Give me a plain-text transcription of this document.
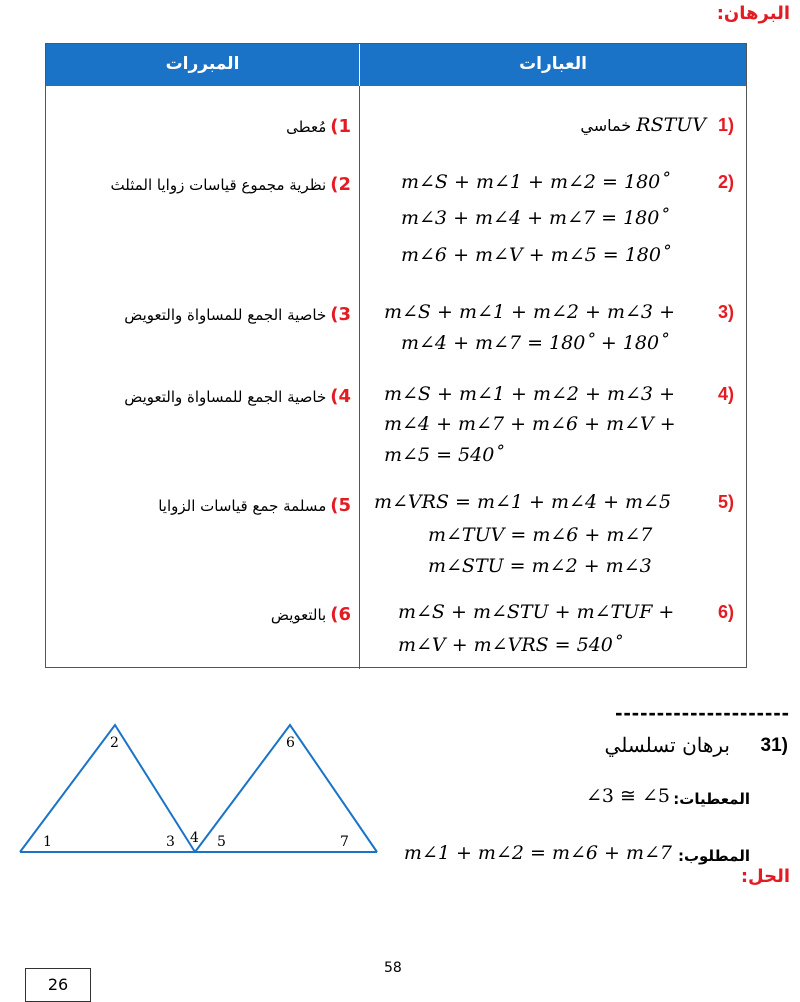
البرهان:
المبررات	العبارات
1)
RSTUV خماسي
1)مُعطى
2)
m∠S + m∠1 + m∠2 = 180˚
m∠3 + m∠4 + m∠7 = 180˚
m∠6 + m∠V + m∠5 = 180˚
2)نظرية مجموع قياسات زوايا المثلث
3)
m∠S + m∠1 + m∠2 + m∠3 +
m∠4 + m∠7 = 180˚ + 180˚
3)خاصية الجمع للمساواة والتعويض
4)
m∠S + m∠1 + m∠2 + m∠3 +
m∠4 + m∠7 + m∠6 + m∠V +
m∠5 = 540˚
4)خاصية الجمع للمساواة والتعويض
5)
m∠VRS = m∠1 + m∠4 + m∠5
m∠TUV = m∠6 + m∠7
m∠STU = m∠2 + m∠3
5)مسلمة جمع قياسات الزوايا
6)
m∠S + m∠STU + m∠TUF +
m∠V + m∠VRS = 540˚
6)بالتعويض
---------------------
1
2
3 4 5
6
7
31)
برهان تسلسلي
المعطيات:
∠3 ≅ ∠5
المطلوب:
m∠1 + m∠2 = m∠6 + m∠7
الحل:
58
26
